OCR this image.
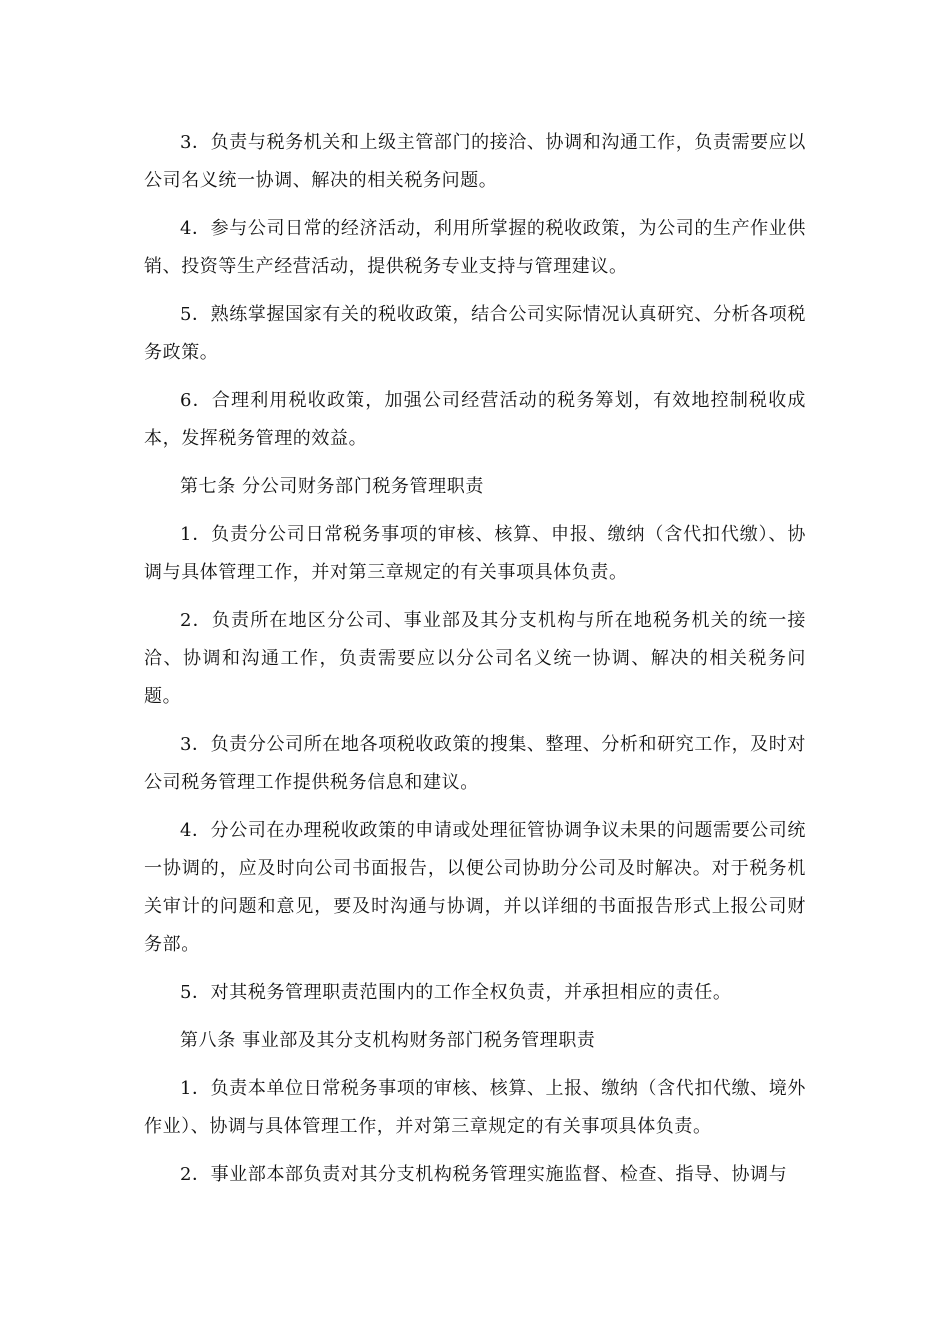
3．负责与税务机关和上级主管部门的接洽、协调和沟通工作，负责需要应以公司名义统一协调、解决的相关税务问题。

4．参与公司日常的经济活动，利用所掌握的税收政策，为公司的生产作业供销、投资等生产经营活动，提供税务专业支持与管理建议。

5．熟练掌握国家有关的税收政策，结合公司实际情况认真研究、分析各项税务政策。

6．合理利用税收政策，加强公司经营活动的税务筹划，有效地控制税收成本，发挥税务管理的效益。

第七条 分公司财务部门税务管理职责

1．负责分公司日常税务事项的审核、核算、申报、缴纳（含代扣代缴）、协调与具体管理工作，并对第三章规定的有关事项具体负责。

2．负责所在地区分公司、事业部及其分支机构与所在地税务机关的统一接洽、协调和沟通工作，负责需要应以分公司名义统一协调、解决的相关税务问题。

3．负责分公司所在地各项税收政策的搜集、整理、分析和研究工作，及时对公司税务管理工作提供税务信息和建议。

4．分公司在办理税收政策的申请或处理征管协调争议未果的问题需要公司统一协调的，应及时向公司书面报告，以便公司协助分公司及时解决。对于税务机关审计的问题和意见，要及时沟通与协调，并以详细的书面报告形式上报公司财务部。

5．对其税务管理职责范围内的工作全权负责，并承担相应的责任。

第八条 事业部及其分支机构财务部门税务管理职责

1．负责本单位日常税务事项的审核、核算、上报、缴纳（含代扣代缴、境外作业）、协调与具体管理工作，并对第三章规定的有关事项具体负责。

2．事业部本部负责对其分支机构税务管理实施监督、检查、指导、协调与
